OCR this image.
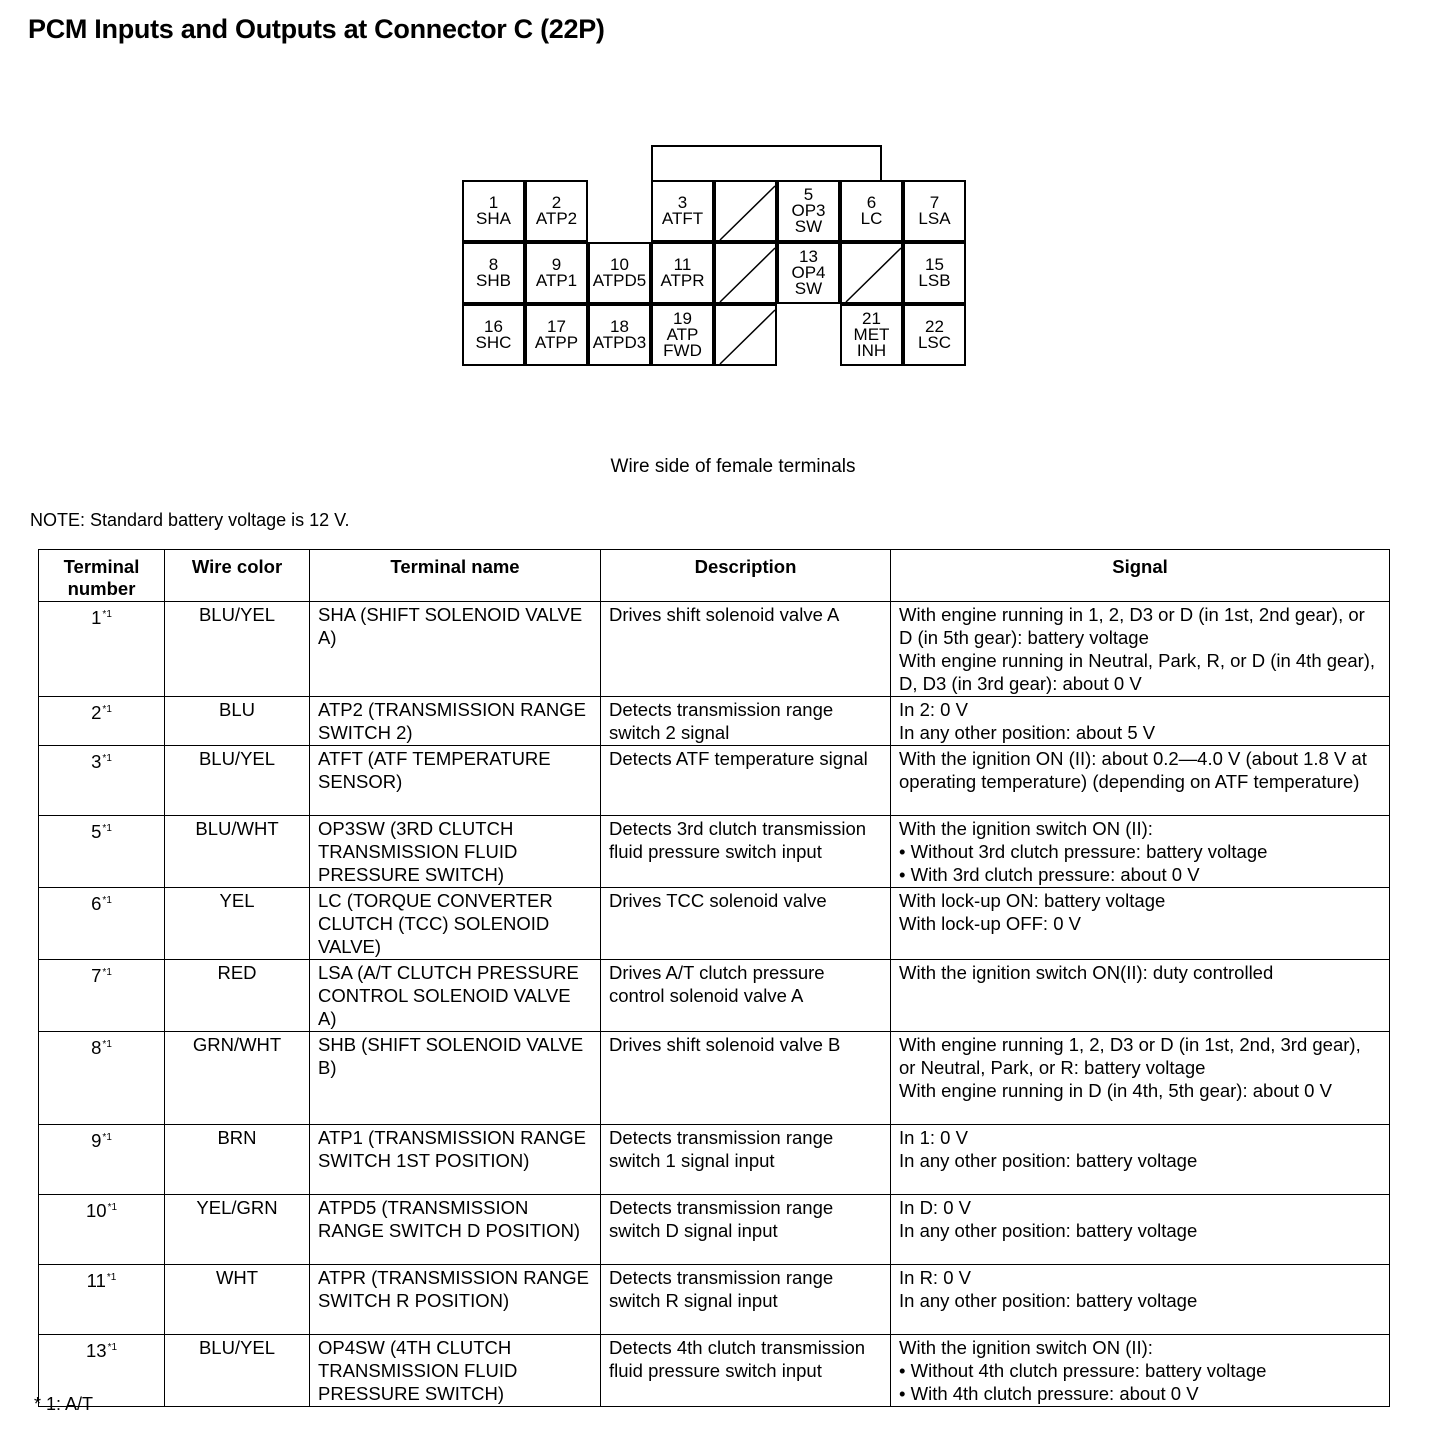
PCM Inputs and Outputs at Connector C (22P)
1
SHA
2
ATP2
3
ATFT
5
OP3
SW
6
LC
7
LSA
8
SHB
9
ATP1
10
ATPD5
11
ATPR
13
OP4
SW
15
LSB
16
SHC
17
ATPP
18
ATPD3
19
ATP
FWD
21
MET
INH
22
LSC
Wire side of female terminals
NOTE: Standard battery voltage is 12 V.
Terminal number	Wire color	Terminal name	Description	Signal
1$^{*1}$	BLU/YEL	SHA (SHIFT SOLENOID VALVE A)	Drives shift solenoid valve A	With engine running in 1, 2, D3 or D (in 1st, 2nd gear), or D (in 5th gear): battery voltage
With engine running in Neutral, Park, R, or D (in 4th gear), D, D3 (in 3rd gear): about 0 V

2$^{*1}$	BLU	ATP2 (TRANSMISSION RANGE SWITCH 2)	Detects transmission range switch 2 signal	In 2: 0 V
In any other position: about 5 V

3$^{*1}$	BLU/YEL	ATFT (ATF TEMPERATURE SENSOR)	Detects ATF temperature signal	With the ignition ON (II): about 0.2—4.0 V (about 1.8 V at operating temperature) (depending on ATF temperature)

5$^{*1}$	BLU/WHT	OP3SW (3RD CLUTCH TRANSMISSION FLUID PRESSURE SWITCH)	Detects 3rd clutch transmission fluid pressure switch input	With the ignition switch ON (II):
• Without 3rd clutch pressure: battery voltage
• With 3rd clutch pressure: about 0 V

6$^{*1}$	YEL	LC (TORQUE CONVERTER CLUTCH (TCC) SOLENOID VALVE)	Drives TCC solenoid valve	With lock-up ON: battery voltage
With lock-up OFF: 0 V

7$^{*1}$	RED	LSA (A/T CLUTCH PRESSURE CONTROL SOLENOID VALVE A)	Drives A/T clutch pressure control solenoid valve A	With the ignition switch ON(II): duty controlled

8$^{*1}$	GRN/WHT	SHB (SHIFT SOLENOID VALVE B)	Drives shift solenoid valve B	With engine running 1, 2, D3 or D (in 1st, 2nd, 3rd gear), or Neutral, Park, or R: battery voltage
With engine running in D (in 4th, 5th gear): about 0 V

9$^{*1}$	BRN	ATP1 (TRANSMISSION RANGE SWITCH 1ST POSITION)	Detects transmission range switch 1 signal input	In 1: 0 V
In any other position: battery voltage

10$^{*1}$	YEL/GRN	ATPD5 (TRANSMISSION RANGE SWITCH D POSITION)	Detects transmission range switch D signal input	In D: 0 V
In any other position: battery voltage

11$^{*1}$	WHT	ATPR (TRANSMISSION RANGE SWITCH R POSITION)	Detects transmission range switch R signal input	In R: 0 V
In any other position: battery voltage

13$^{*1}$	BLU/YEL	OP4SW (4TH CLUTCH TRANSMISSION FLUID PRESSURE SWITCH)	Detects 4th clutch transmission fluid pressure switch input	With the ignition switch ON (II):
• Without 4th clutch pressure: battery voltage
• With 4th clutch pressure: about 0 V
* 1: A/T
